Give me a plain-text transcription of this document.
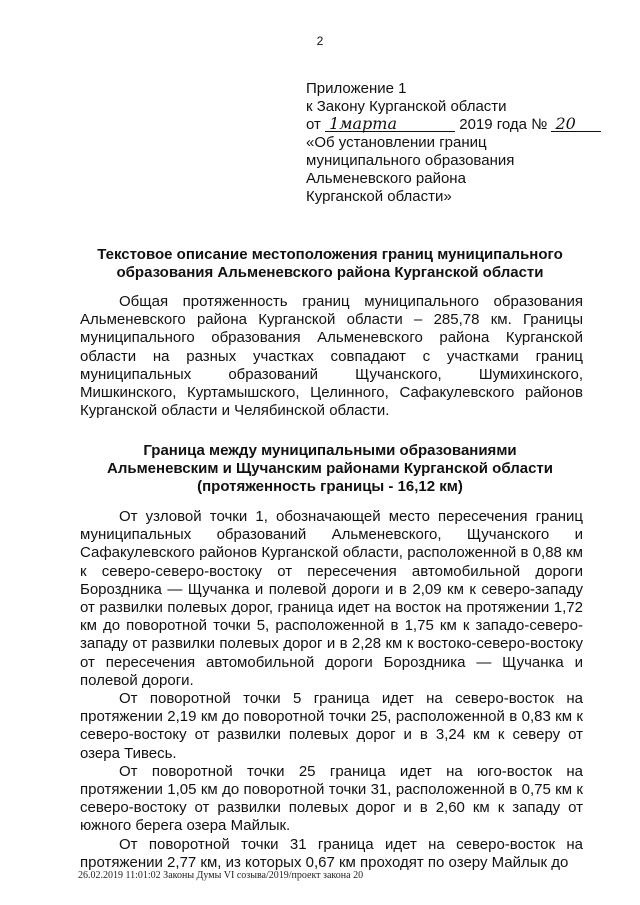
2
Приложение 1
к Закону Курганской области
от 1марта	2019 года № 20
«Об установлении границ
муниципального образования
Альменевского района
Курганской области»
Текстовое описание местоположения границ муниципального
образования Альменевского района Курганской области
Общая протяженность границ муниципального образования Альменевского района Курганской области – 285,78 км. Границы муниципального образования Альменевского района Курганской области на разных участках совпадают с участками границ муниципальных образований Щучанского, Шумихинского, Мишкинского, Куртамышского, Целинного, Сафакулевского районов Курганской области и Челябинской области.
Граница между муниципальными образованиями
Альменевским и Щучанским районами Курганской области
(протяженность границы - 16,12 км)
От узловой точки 1, обозначающей место пересечения границ муниципальных образований Альменевского, Щучанского и Сафакулевского районов Курганской области, расположенной в 0,88 км к северо-северо-востоку от пересечения автомобильной дороги Бороздника — Щучанка и полевой дороги и в 2,09 км к северо-западу от развилки полевых дорог, граница идет на восток на протяжении 1,72 км до поворотной точки 5, расположенной в 1,75 км к западо-северо-западу от развилки полевых дорог и в 2,28 км к востоко-северо-востоку от пересечения автомобильной дороги Бороздника — Щучанка и полевой дороги.
От поворотной точки 5 граница идет на северо-восток на протяжении 2,19 км до поворотной точки 25, расположенной в 0,83 км к северо-востоку от развилки полевых дорог и в 3,24 км к северу от озера Тивесь.
От поворотной точки 25 граница идет на юго-восток на протяжении 1,05 км до поворотной точки 31, расположенной в 0,75 км к северо-востоку от развилки полевых дорог и в 2,60 км к западу от южного берега озера Майлык.
От поворотной точки 31 граница идет на северо-восток на протяжении 2,77 км, из которых 0,67 км проходят по озеру Майлык до
26.02.2019 11:01:02 Законы Думы VI созыва/2019/проект закона 20
